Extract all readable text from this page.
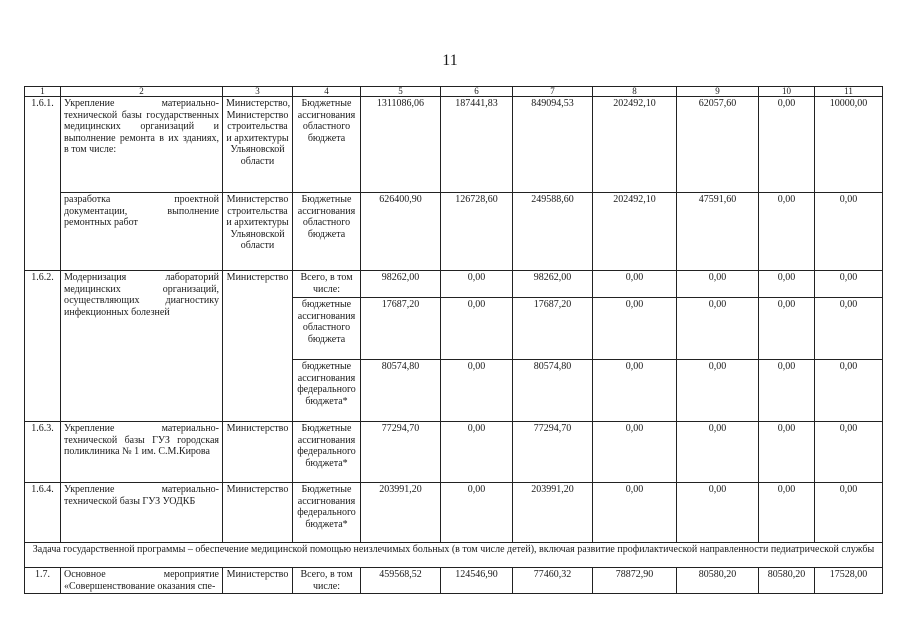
11
1	2	3	4	5	6	7	8	9	10	11
1.6.1.	Укрепление материально-технической базы государственных медицинских организаций и выполнение ремонта в их зданиях, в том числе:	Министерство, Министерство строительства и архитектуры Ульяновской области	Бюджетные ассигнования областного бюджета	1311086,06	187441,83	849094,53	202492,10	62057,60	0,00	10000,00
	разработка проектной документации, выполнение ремонтных работ	Министерство строительства и архитектуры Ульяновской области	Бюджетные ассигнования областного бюджета	626400,90	126728,60	249588,60	202492,10	47591,60	0,00	0,00
1.6.2.	Модернизация лабораторий медицинских организаций, осуществляющих диагностику инфекционных болезней	Министерство	Всего, в том числе:	98262,00	0,00	98262,00	0,00	0,00	0,00	0,00
			бюджетные ассигнования областного бюджета	17687,20	0,00	17687,20	0,00	0,00	0,00	0,00
			бюджетные ассигнования федерального бюджета*	80574,80	0,00	80574,80	0,00	0,00	0,00	0,00
1.6.3.	Укрепление материально-технической базы ГУЗ городская поликлиника № 1 им. С.М.Кирова	Министерство	Бюджетные ассигнования федерального бюджета*	77294,70	0,00	77294,70	0,00	0,00	0,00	0,00
1.6.4.	Укрепление материально-технической базы ГУЗ УОДКБ	Министерство	Бюджетные ассигнования федерального бюджета*	203991,20	0,00	203991,20	0,00	0,00	0,00	0,00
Задача государственной программы – обеспечение медицинской помощью неизлечимых больных (в том числе детей), включая развитие профилактической направленности педиатрической службы										
1.7.	Основное мероприятие «Совершенствование оказания спе-	Министерство	Всего, в том числе:	459568,52	124546,90	77460,32	78872,90	80580,20	80580,20	17528,00
